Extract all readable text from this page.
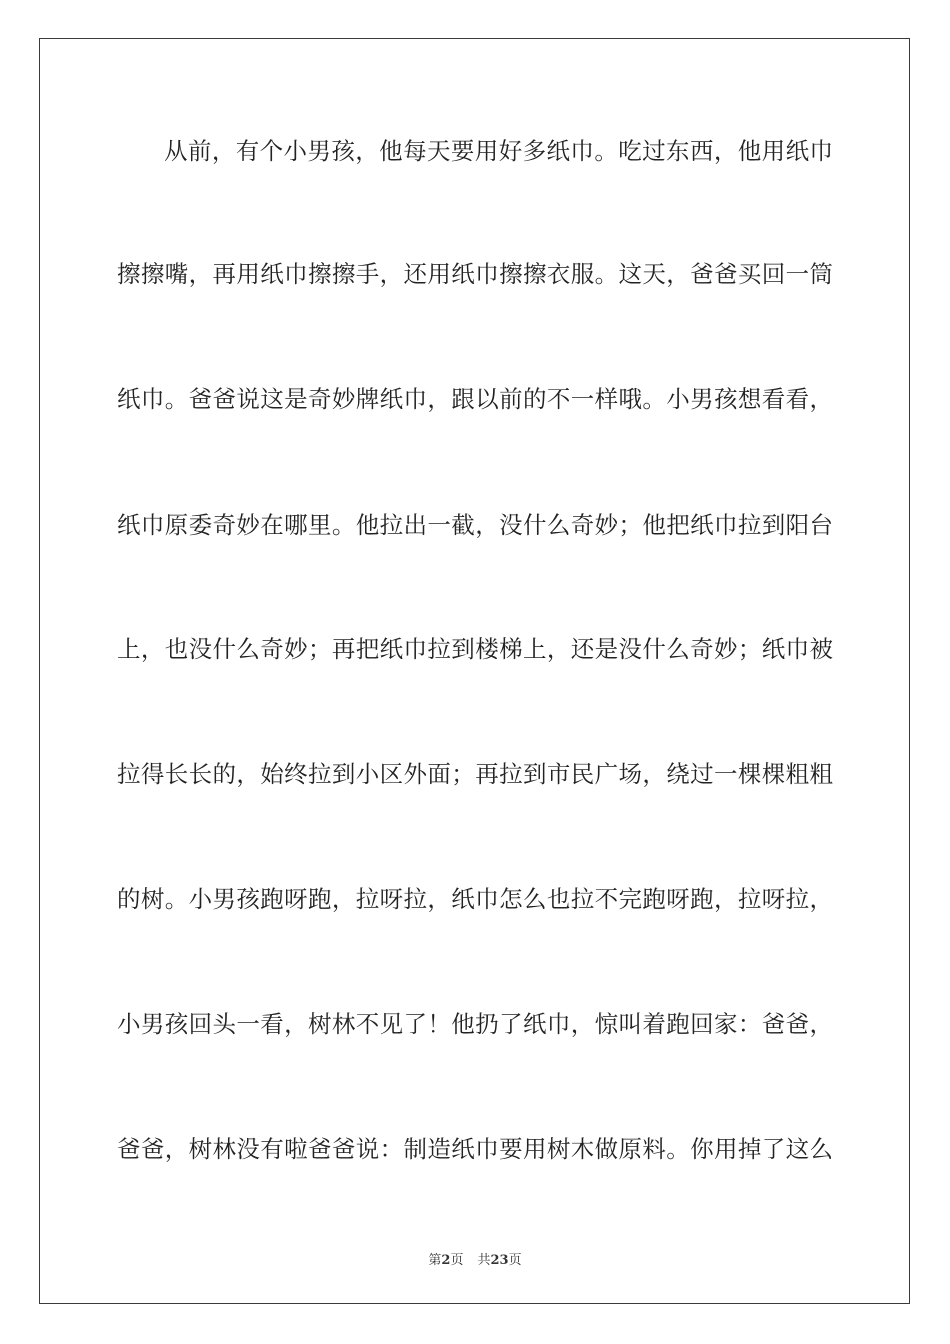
从前，有个小男孩，他每天要用好多纸巾。吃过东西，他用纸巾
擦擦嘴，再用纸巾擦擦手，还用纸巾擦擦衣服。这天，爸爸买回一筒
纸巾。爸爸说这是奇妙牌纸巾，跟以前的不一样哦。小男孩想看看，
纸巾原委奇妙在哪里。他拉出一截，没什么奇妙；他把纸巾拉到阳台
上，也没什么奇妙；再把纸巾拉到楼梯上，还是没什么奇妙；纸巾被
拉得长长的，始终拉到小区外面；再拉到市民广场，绕过一棵棵粗粗
的树。小男孩跑呀跑，拉呀拉，纸巾怎么也拉不完跑呀跑，拉呀拉，
小男孩回头一看，树林不见了！他扔了纸巾，惊叫着跑回家：爸爸，
爸爸，树林没有啦爸爸说：制造纸巾要用树木做原料。你用掉了这么
第2页 共23页
